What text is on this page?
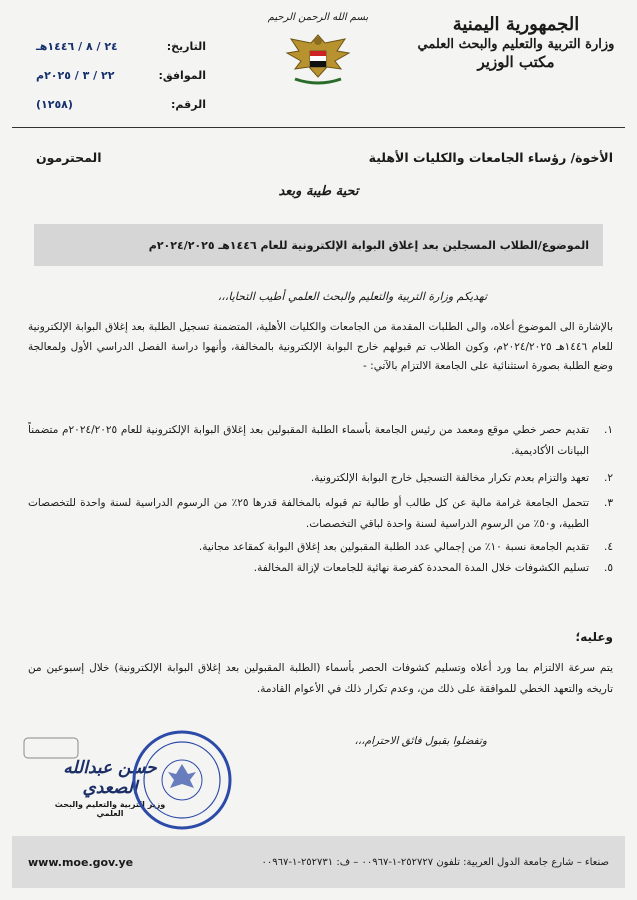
الجمهورية اليمنية
وزارة التربية والتعليم والبحث العلمي
مكتب الوزير
بسم الله الرحمن الرحيم
التاريخ:
٢٤ / ٨ / ١٤٤٦هـ
الموافق:
٢٢ / ٣ / ٢٠٢٥م
الرقم:
(١٢٥٨)
الأخوة/ رؤساء الجامعات والكليات الأهلية
المحترمون
تحية طيبة وبعد
الموضوع/الطلاب المسجلين بعد إغلاق البوابة الإلكترونية للعام ١٤٤٦هـ ٢٠٢٤/٢٠٢٥م
تهديكم وزارة التربية والتعليم والبحث العلمي أطيب التحايا،،،
بالإشارة الى الموضوع أعلاه، والى الطلبات المقدمة من الجامعات والكليات الأهلية، المتضمنة تسجيل الطلبة بعد إغلاق البوابة الإلكترونية للعام ١٤٤٦هـ ٢٠٢٤/٢٠٢٥م، وكون الطلاب تم قبولهم خارج البوابة الإلكترونية بالمخالفة، وأنهوا دراسة الفصل الدراسي الأول ولمعالجة وضع الطلبة بصورة استثنائية على الجامعة الالتزام بالآتي: -
١.
تقديم حصر خطي موقع ومعمد من رئيس الجامعة بأسماء الطلبة المقبولين بعد إغلاق البوابة الإلكترونية للعام ٢٠٢٤/٢٠٢٥م متضمناً البيانات الأكاديمية.
٢.
تعهد والتزام بعدم تكرار مخالفة التسجيل خارج البوابة الإلكترونية.
٣.
تتحمل الجامعة غرامة مالية عن كل طالب أو طالبة تم قبوله بالمخالفة قدرها ٢٥٪ من الرسوم الدراسية لسنة واحدة للتخصصات الطبية، و٥٠٪ من الرسوم الدراسية لسنة واحدة لباقي التخصصات.
٤.
تقديم الجامعة نسبة ١٠٪ من إجمالي عدد الطلبة المقبولين بعد إغلاق البوابة كمقاعد مجانية.
٥.
تسليم الكشوفات خلال المدة المحددة كفرصة نهائية للجامعات لإزالة المخالفة.
وعليه؛
يتم سرعة الالتزام بما ورد أعلاه وتسليم كشوفات الحصر بأسماء (الطلبة المقبولين بعد إغلاق البوابة الإلكترونية) خلال إسبوعين من تاريخه والتعهد الخطي للموافقة على ذلك من، وعدم تكرار ذلك في الأعوام القادمة.
وتفضلوا بقبول فائق الاحترام،،،
حسن عبدالله الصعدي
وزير التربية والتعليم والبحث العلمي
صنعاء – شارع جامعة الدول العربية: تلفون ٢٥٢٧٢٧-١-٠٠٩٦٧ – ف: ٢٥٢٧٣١-١-٠٠٩٦٧
www.moe.gov.ye
